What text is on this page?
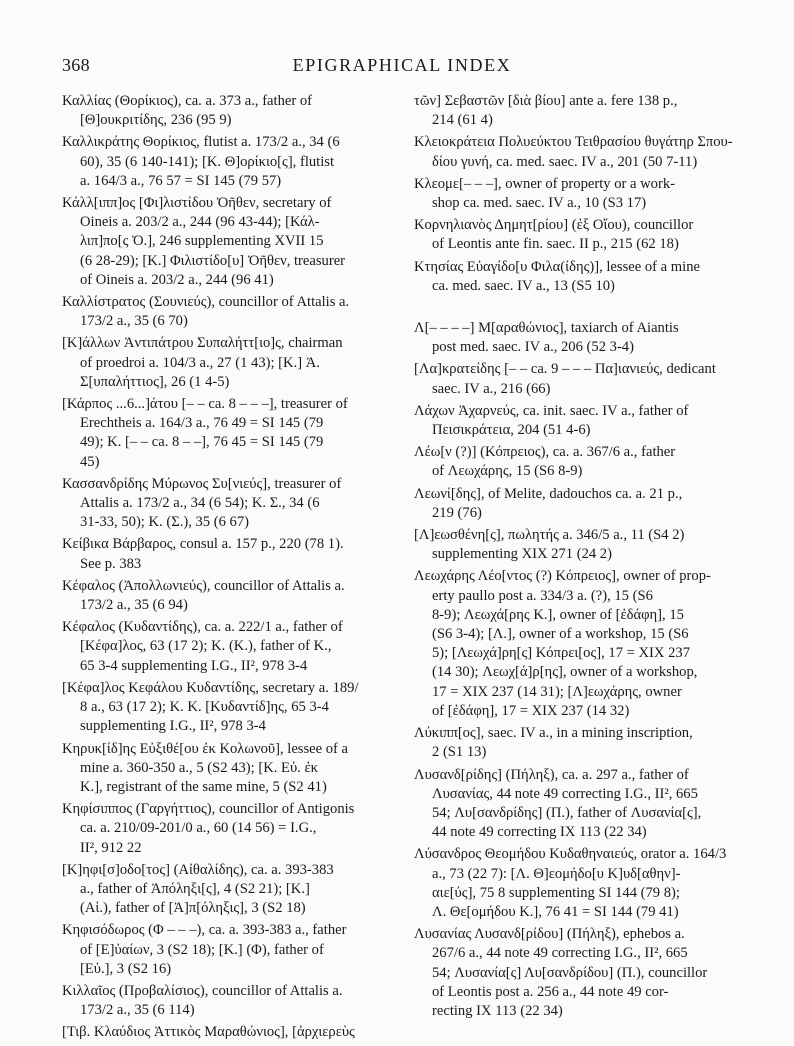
368	EPIGRAPHICAL INDEX

Καλλίας (Θορίκιος), ca. a. 373 a., father of
[Θ]ουκριτίδης, 236 (95 9)

Καλλικράτης Θορίκιος, flutist a. 173/2 a., 34 (6
60), 35 (6 140-141); [Κ. Θ]ορίκιο[ς], flutist
a. 164/3 a., 76 57 = SI 145 (79 57)

Κάλλ[ιππ]ος [Φι]λιστίδου Ὀῆθεν, secretary of
Oineis a. 203/2 a., 244 (96 43-44); [Κάλ-
λιπ]πο[ς Ὀ.], 246 supplementing XVII 15
(6 28-29); [Κ.] Φιλιστίδο[υ] Ὀῆθεν, treasurer
of Oineis a. 203/2 a., 244 (96 41)

Καλλίστρατος (Σουνιεύς), councillor of Attalis a.
173/2 a., 35 (6 70)

[Κ]άλλων Ἀντιπάτρου Συπαλήττ[ιο]ς, chairman
of proedroi a. 104/3 a., 27 (1 43); [Κ.] Ἀ.
Σ[υπαλήττιος], 26 (1 4-5)

[Κάρπος ...6...]άτου [– – ca. 8 – – –], treasurer of
Erechtheis a. 164/3 a., 76 49 = SI 145 (79
49); Κ. [– – ca. 8 – –], 76 45 = SI 145 (79
45)

Κασσανδρίδης Μύρωνος Συ[νιεύς], treasurer of
Attalis a. 173/2 a., 34 (6 54); Κ. Σ., 34 (6
31-33, 50); Κ. (Σ.), 35 (6 67)

Κείβικα Βάρβαρος, consul a. 157 p., 220 (78 1).
See p. 383

Κέφαλος (Ἀπολλωνιεύς), councillor of Attalis a.
173/2 a., 35 (6 94)

Κέφαλος (Κυδαντίδης), ca. a. 222/1 a., father of
[Κέφα]λος, 63 (17 2); Κ. (Κ.), father of Κ.,
65 3-4 supplementing I.G., II², 978 3-4

[Κέφα]λος Κεφάλου Κυδαντίδης, secretary a. 189/
8 a., 63 (17 2); Κ. Κ. [Κυδαντίδ]ης, 65 3-4
supplementing I.G., II², 978 3-4

Κηρυκ[ίδ]ης Εὐξιθέ[ου ἐκ Κολωνοῦ], lessee of a
mine a. 360-350 a., 5 (S2 43); [Κ. Εὐ. ἐκ
Κ.], registrant of the same mine, 5 (S2 41)

Κηφίσιππος (Γαργήττιος), councillor of Antigonis
ca. a. 210/09-201/0 a., 60 (14 56) = I.G.,
II², 912 22

[Κ]ηφι[σ]οδο[τος] (Αἰθαλίδης), ca. a. 393-383
a., father of Ἀπόληξι[ς], 4 (S2 21); [Κ.]
(Αἰ.), father of [Ἀ]π[όληξις], 3 (S2 18)

Κηφισόδωρος (Φ – – –), ca. a. 393-383 a., father
of [Ε]ὐαίων, 3 (S2 18); [Κ.] (Φ), father of
[Εὐ.], 3 (S2 16)

Κιλλαῖος (Προβαλίσιος), councillor of Attalis a.
173/2 a., 35 (6 114)

[Τιβ. Κλαύδιος Ἀττικὸς Μαραθώνιος], [ἀρχιερεὺς

τῶν] Σεβαστῶν [διὰ βίου] ante a. fere 138 p.,
214 (61 4)

Κλειοκράτεια Πολυεύκτου Τειθρασίου θυγάτηρ Σπου-
δίου γυνή, ca. med. saec. IV a., 201 (50 7-11)

Κλεομε[– – –], owner of property or a work-
shop ca. med. saec. IV a., 10 (S3 17)

Κορνηλιανὸς Δημητ[ρίου] (ἐξ Οἴου), councillor
of Leontis ante fin. saec. II p., 215 (62 18)

Κτησίας Εὐαγίδο[υ Φιλα(ίδης)], lessee of a mine
ca. med. saec. IV a., 13 (S5 10)

Λ[– – – –] Μ[αραθώνιος], taxiarch of Aiantis
post med. saec. IV a., 206 (52 3-4)

[Λα]κρατείδης [– – ca. 9 – – – Πα]ιανιεύς, dedicant
saec. IV a., 216 (66)

Λάχων Ἀχαρνεύς, ca. init. saec. IV a., father of
Πεισικράτεια, 204 (51 4-6)

Λέω[ν (?)] (Κόπρειος), ca. a. 367/6 a., father
of Λεωχάρης, 15 (S6 8-9)

Λεωνί[δης], of Melite, dadouchos ca. a. 21 p.,
219 (76)

[Λ]εωσθένη[ς], πωλητής a. 346/5 a., 11 (S4 2)
supplementing XIX 271 (24 2)

Λεωχάρης Λέο[ντος (?) Κόπρειος], owner of prop-
erty paullo post a. 334/3 a. (?), 15 (S6
8-9); Λεωχά[ρης Κ.], owner of [ἐδάφη], 15
(S6 3-4); [Λ.], owner of a workshop, 15 (S6
5); [Λεωχά]ρη[ς] Κόπρει[ος], 17 = XIX 237
(14 30); Λεωχ[ά]ρ[ης], owner of a workshop,
17 = XIX 237 (14 31); [Λ]εωχάρης, owner
of [ἐδάφη], 17 = XIX 237 (14 32)

Λύκιππ[ος], saec. IV a., in a mining inscription,
2 (S1 13)

Λυσανδ[ρίδης] (Πήληξ), ca. a. 297 a., father of
Λυσανίας, 44 note 49 correcting I.G., II², 665
54; Λυ[σανδρίδης] (Π.), father of Λυσανία[ς],
44 note 49 correcting IX 113 (22 34)

Λύσανδρος Θεομήδου Κυδαθηναιεύς, orator a. 164/3
a., 73 (22 7): [Λ. Θ]εομήδο[υ Κ]υδ[αθην]-
αιε[ύς], 75 8 supplementing SI 144 (79 8);
Λ. Θε[ομήδου Κ.], 76 41 = SI 144 (79 41)

Λυσανίας Λυσανδ[ρίδου] (Πήληξ), ephebos a.
267/6 a., 44 note 49 correcting I.G., II², 665
54; Λυσανία[ς] Λυ[σανδρίδου] (Π.), councillor
of Leontis post a. 256 a., 44 note 49 cor-
recting IX 113 (22 34)
